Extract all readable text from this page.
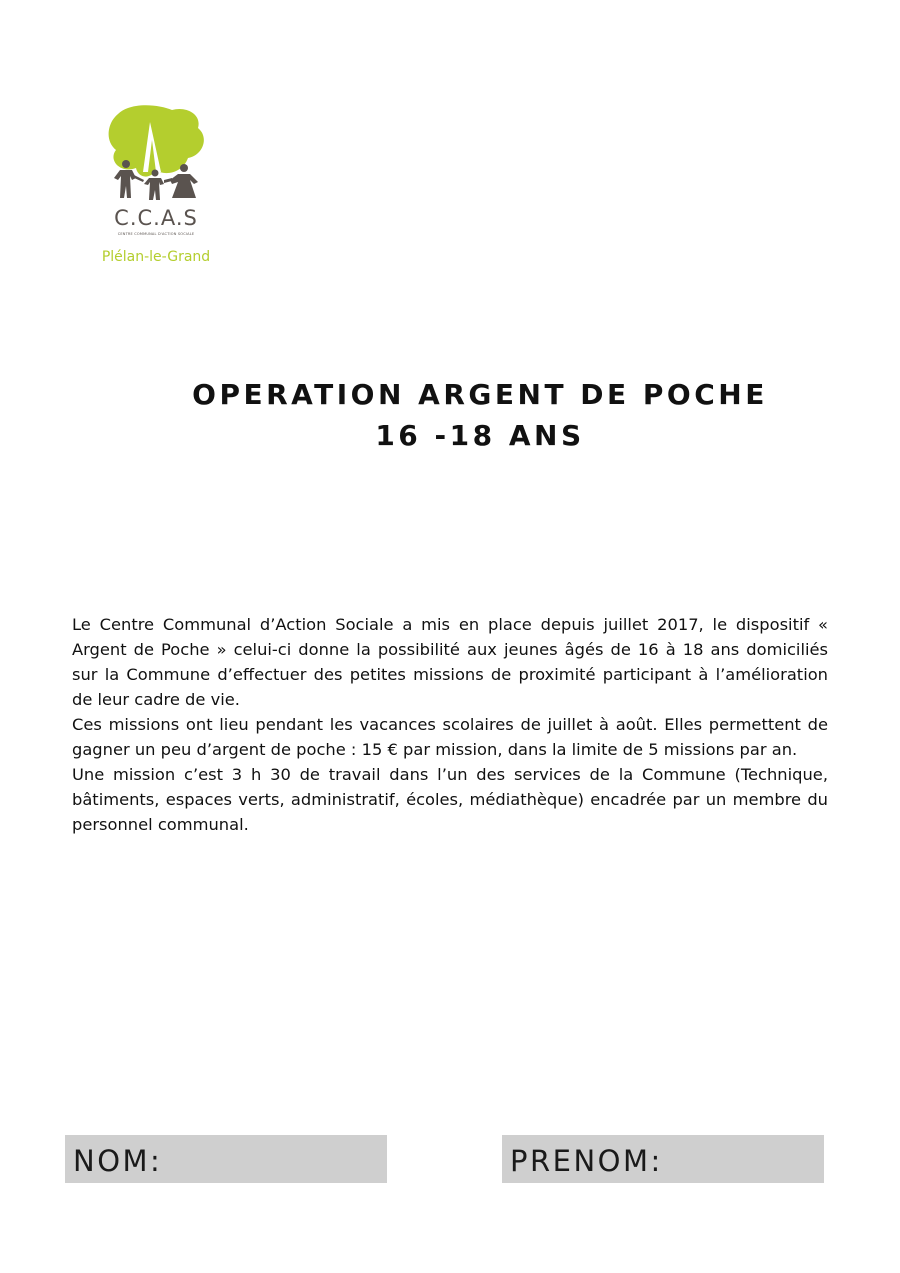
C.C.A.S
CENTRE COMMUNAL D'ACTION SOCIALE
Plélan-le-Grand
OPERATION ARGENT DE POCHE
16 -18 ANS

Le Centre Communal d’Action Sociale a mis en place depuis juillet 2017, le dispositif « Argent de Poche » celui-ci donne la possibilité aux jeunes âgés de 16 à 18 ans domiciliés sur la Commune d’effectuer des petites missions de proximité participant à l’amélioration de leur cadre de vie.

Ces missions ont lieu pendant les vacances scolaires de juillet à août. Elles permettent de gagner un peu d’argent de poche : 15 € par mission, dans la limite de 5 missions par an.

Une mission c’est 3 h 30 de travail dans l’un des services de la Commune (Technique, bâtiments, espaces verts, administratif, écoles, médiathèque) encadrée par un membre du personnel communal.

NOM:	PRENOM:
